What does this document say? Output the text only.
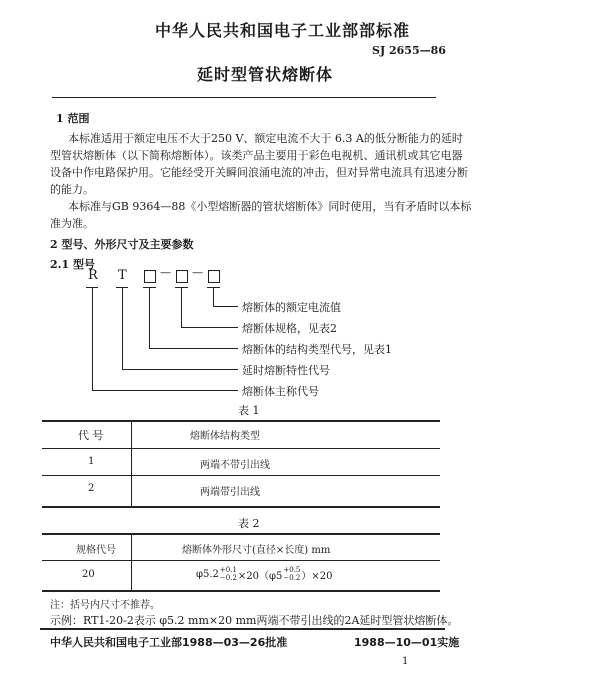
中华人民共和国电子工业部部标准
SJ 2655—86
延时型管状熔断体
1 范围
本标准适用于额定电压不大于250 V、额定电流不大于 6.3 A的低分断能力的延时
型管状熔断体（以下简称熔断体）。该类产品主要用于彩色电视机、通讯机或其它电器
设备中作电路保护用。它能经受开关瞬间浪涌电流的冲击，但对异常电流具有迅速分断
的能力。
本标准与GB 9364—88《小型熔断器的管状熔断体》同时使用，当有矛盾时以本标
准为准。
2 型号、外形尺寸及主要参数
2.1 型号
R T	— —
熔断体的额定电流值
熔断体规格，见表2
熔断体的结构类型代号，见表1
延时熔断特性代号
熔断体主称代号
表 1
代 号	熔断体结构类型
1	两端不带引出线
2	两端带引出线
表 2
规格代号	熔断体外形尺寸(直径×长度) mm
20	φ5.2 +0.1
−0.2 ×20（φ5
+0.5
−0.2 ）×20
注：括号内尺寸不推荐。
示例：RT1-20-2表示 φ5.2 mm×20 mm两端不带引出线的2A延时型管状熔断体。
中华人民共和国电子工业部1988—03—26批准	1988—10—01实施
1
